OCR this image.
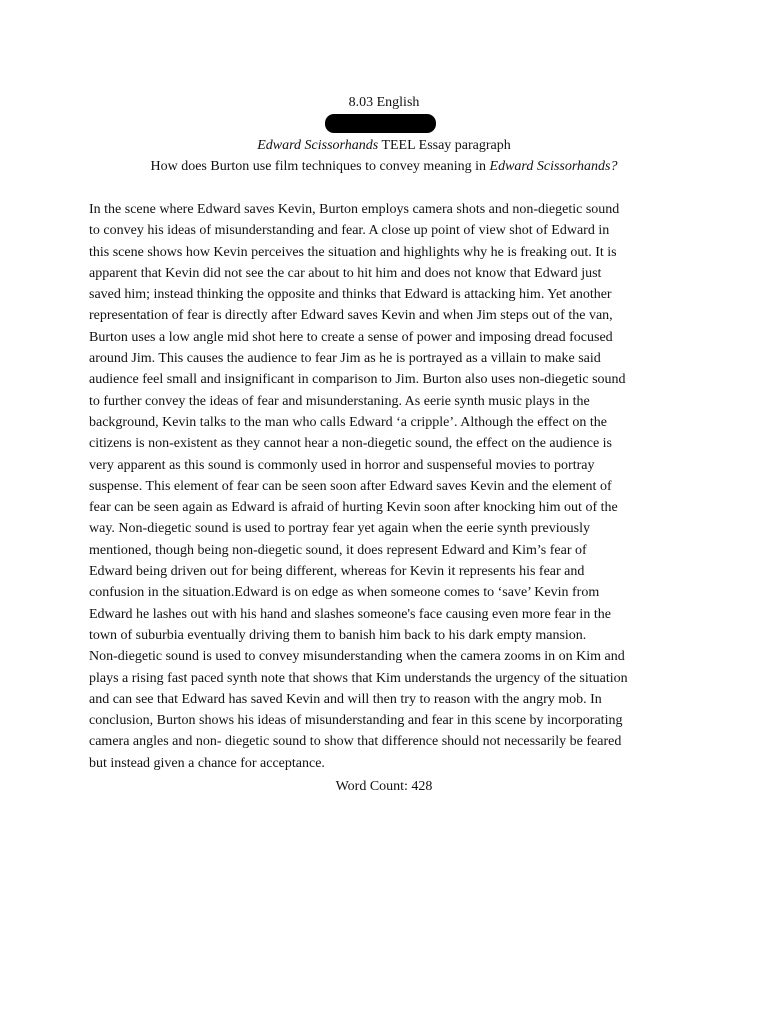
8.03 English
Edward Scissorhands TEEL Essay paragraph
How does Burton use film techniques to convey meaning in Edward Scissorhands?
In the scene where Edward saves Kevin, Burton employs camera shots and non-diegetic sound
to convey his ideas of misunderstanding and fear. A close up point of view shot of Edward in
this scene shows how Kevin perceives the situation and highlights why he is freaking out. It is
apparent that Kevin did not see the car about to hit him and does not know that Edward just
saved him; instead thinking the opposite and thinks that Edward is attacking him. Yet another
representation of fear is directly after Edward saves Kevin and when Jim steps out of the van,
Burton uses a low angle mid shot here to create a sense of power and imposing dread focused
around Jim. This causes the audience to fear Jim as he is portrayed as a villain to make said
audience feel small and insignificant in comparison to Jim. Burton also uses non-diegetic sound
to further convey the ideas of fear and misunderstaning. As eerie synth music plays in the
background, Kevin talks to the man who calls Edward ‘a cripple’. Although the effect on the
citizens is non-existent as they cannot hear a non-diegetic sound, the effect on the audience is
very apparent as this sound is commonly used in horror and suspenseful movies to portray
suspense. This element of fear can be seen soon after Edward saves Kevin and the element of
fear can be seen again as Edward is afraid of hurting Kevin soon after knocking him out of the
way. Non-diegetic sound is used to portray fear yet again when the eerie synth previously
mentioned, though being non-diegetic sound, it does represent Edward and Kim’s fear of
Edward being driven out for being different, whereas for Kevin it represents his fear and
confusion in the situation.Edward is on edge as when someone comes to ‘save’ Kevin from
Edward he lashes out with his hand and slashes someone's face causing even more fear in the
town of suburbia eventually driving them to banish him back to his dark empty mansion.
Non-diegetic sound is used to convey misunderstanding when the camera zooms in on Kim and
plays a rising fast paced synth note that shows that Kim understands the urgency of the situation
and can see that Edward has saved Kevin and will then try to reason with the angry mob. In
conclusion, Burton shows his ideas of misunderstanding and fear in this scene by incorporating
camera angles and non- diegetic sound to show that difference should not necessarily be feared
but instead given a chance for acceptance.
Word Count: 428
